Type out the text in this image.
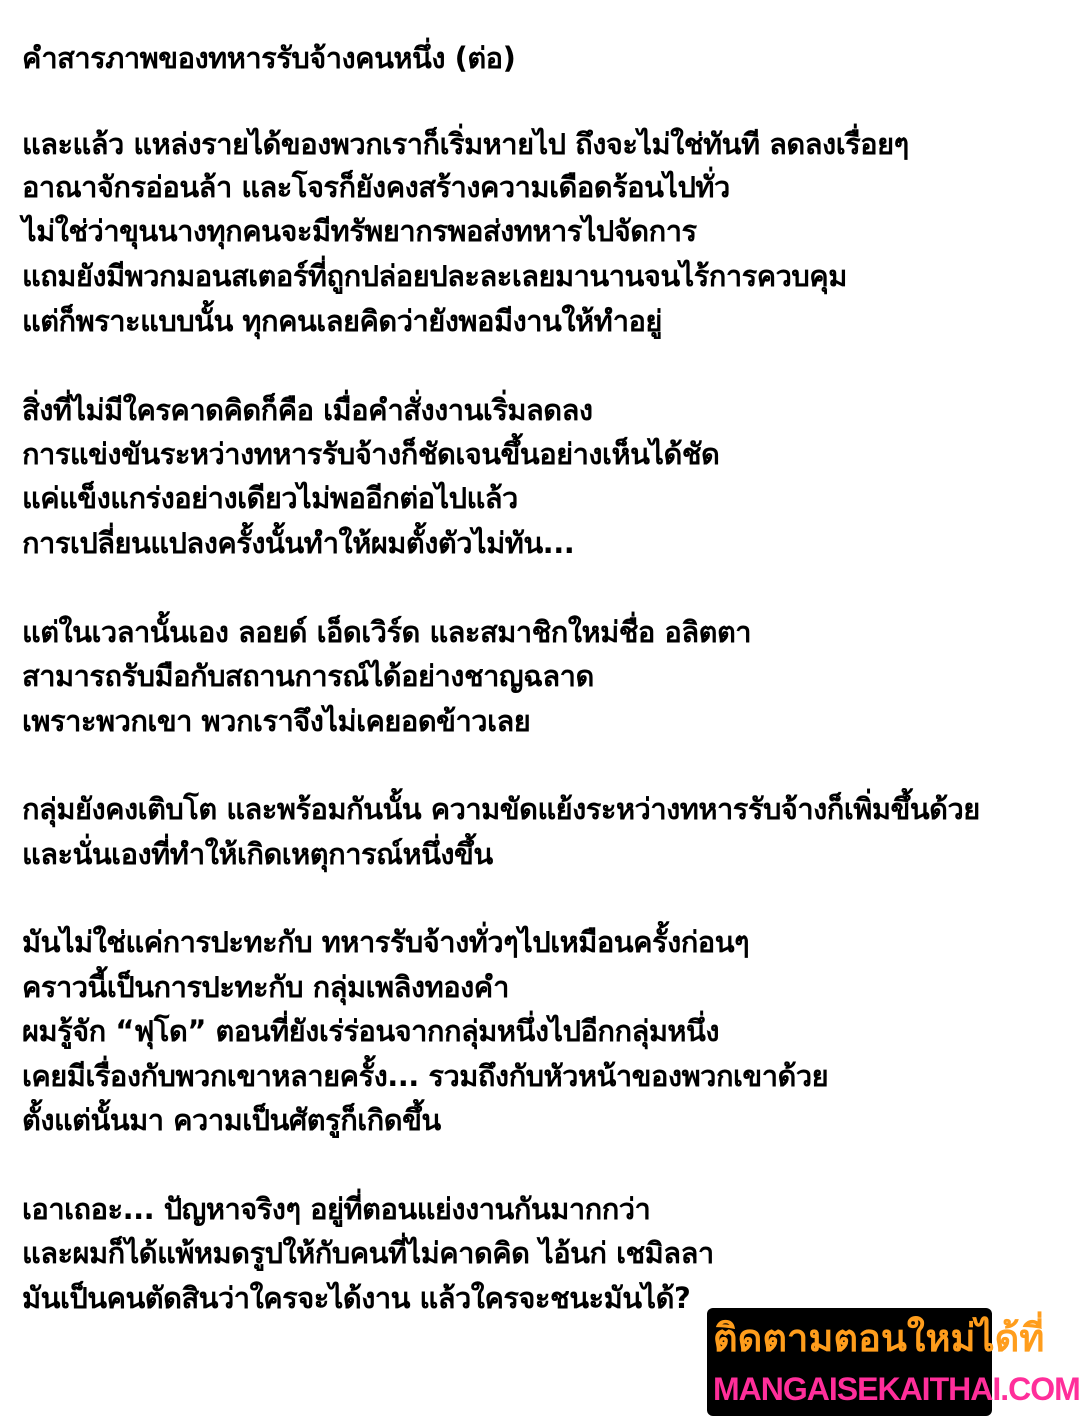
คำสารภาพของทหารรับจ้างคนหนึ่ง (ต่อ)
และแล้ว แหล่งรายได้ของพวกเราก็เริ่มหายไป ถึงจะไม่ใช่ทันที ลดลงเรื่อยๆ
อาณาจักรอ่อนล้า และโจรก็ยังคงสร้างความเดือดร้อนไปทั่ว
ไม่ใช่ว่าขุนนางทุกคนจะมีทรัพยากรพอส่งทหารไปจัดการ
แถมยังมีพวกมอนสเตอร์ที่ถูกปล่อยปละละเลยมานานจนไร้การควบคุม
แต่ก็พราะแบบนั้น ทุกคนเลยคิดว่ายังพอมีงานให้ทำอยู่
สิ่งที่ไม่มีใครคาดคิดก็คือ เมื่อคำสั่งงานเริ่มลดลง
การแข่งขันระหว่างทหารรับจ้างก็ชัดเจนขึ้นอย่างเห็นได้ชัด
แค่แข็งแกร่งอย่างเดียวไม่พออีกต่อไปแล้ว
การเปลี่ยนแปลงครั้งนั้นทำให้ผมตั้งตัวไม่ทัน...
แต่ในเวลานั้นเอง ลอยด์ เอ็ดเวิร์ด และสมาชิกใหม่ชื่อ อลิตตา
สามารถรับมือกับสถานการณ์ได้อย่างชาญฉลาด
เพราะพวกเขา พวกเราจึงไม่เคยอดข้าวเลย
กลุ่มยังคงเติบโต และพร้อมกันนั้น ความขัดแย้งระหว่างทหารรับจ้างก็เพิ่มขึ้นด้วย
และนั่นเองที่ทำให้เกิดเหตุการณ์หนึ่งขึ้น
มันไม่ใช่แค่การปะทะกับ ทหารรับจ้างทั่วๆไปเหมือนครั้งก่อนๆ
คราวนี้เป็นการปะทะกับ กลุ่มเพลิงทองคำ
ผมรู้จัก “ฟุโด” ตอนที่ยังเร่ร่อนจากกลุ่มหนึ่งไปอีกกลุ่มหนึ่ง
เคยมีเรื่องกับพวกเขาหลายครั้ง... รวมถึงกับหัวหน้าของพวกเขาด้วย
ตั้งแต่นั้นมา ความเป็นศัตรูก็เกิดขึ้น
เอาเถอะ... ปัญหาจริงๆ อยู่ที่ตอนแย่งงานกันมากกว่า
และผมก็ได้แพ้หมดรูปให้กับคนที่ไม่คาดคิด ไอ้นก่ เชมิลลา
มันเป็นคนตัดสินว่าใครจะได้งาน แล้วใครจะชนะมันได้?
ติดตามตอนใหม่ได้ที่
MANGAISEKAITHAI.COM
